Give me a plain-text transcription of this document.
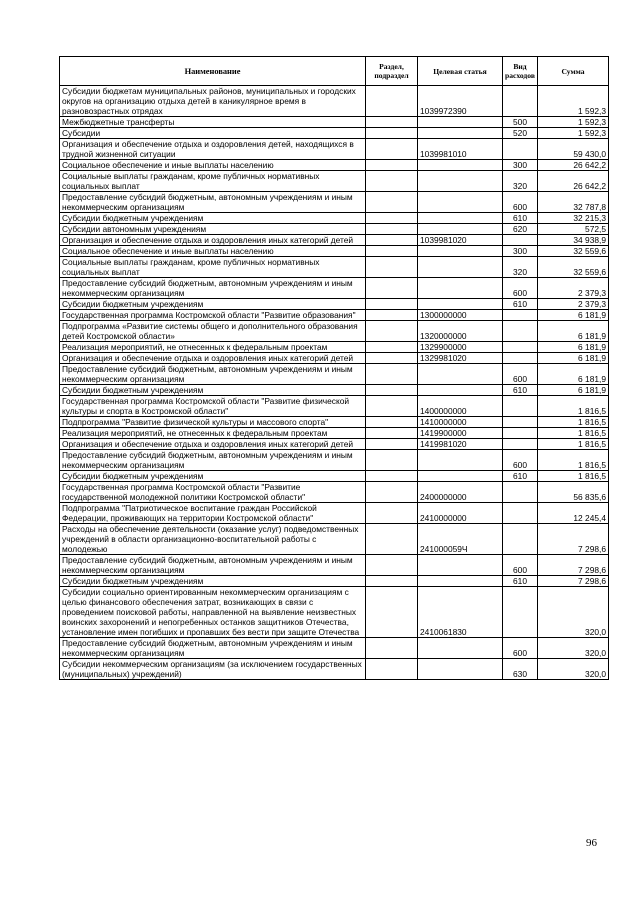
Наименование	Раздел, подраздел	Целевая статья	Вид расходов	Сумма
Субсидии бюджетам муниципальных районов, муниципальных и городских округов на организацию отдыха детей в каникулярное время в разновозрастных отрядах		1039972390		1 592,3
Межбюджетные трансферты			500	1 592,3
Субсидии			520	1 592,3
Организация и обеспечение отдыха и оздоровления детей, находящихся в трудной жизненной ситуации		1039981010		59 430,0
Социальное обеспечение и иные выплаты населению			300	26 642,2
Социальные выплаты гражданам, кроме публичных нормативных социальных выплат			320	26 642,2
Предоставление субсидий бюджетным, автономным учреждениям и иным некоммерческим организациям			600	32 787,8
Субсидии бюджетным учреждениям			610	32 215,3
Субсидии автономным учреждениям			620	572,5
Организация и обеспечение отдыха и оздоровления иных категорий детей		1039981020		34 938,9
Социальное обеспечение и иные выплаты населению			300	32 559,6
Социальные выплаты гражданам, кроме публичных нормативных социальных выплат			320	32 559,6
Предоставление субсидий бюджетным, автономным учреждениям и иным некоммерческим организациям			600	2 379,3
Субсидии бюджетным учреждениям			610	2 379,3
Государственная программа Костромской области "Развитие образования"		1300000000		6 181,9
Подпрограмма «Развитие системы общего и дополнительного образования детей Костромской области»		1320000000		6 181,9
Реализация мероприятий, не отнесенных к федеральным проектам		1329900000		6 181,9
Организация и обеспечение отдыха и оздоровления иных категорий детей		1329981020		6 181,9
Предоставление субсидий бюджетным, автономным учреждениям и иным некоммерческим организациям			600	6 181,9
Субсидии бюджетным учреждениям			610	6 181,9
Государственная программа Костромской области "Развитие физической культуры и спорта в Костромской области"		1400000000		1 816,5
Подпрограмма "Развитие физической культуры и массового спорта"		1410000000		1 816,5
Реализация мероприятий, не отнесенных к федеральным проектам		1419900000		1 816,5
Организация и обеспечение отдыха и оздоровления иных категорий детей		1419981020		1 816,5
Предоставление субсидий бюджетным, автономным учреждениям и иным некоммерческим организациям			600	1 816,5
Субсидии бюджетным учреждениям			610	1 816,5
Государственная программа Костромской области "Развитие государственной молодежной политики Костромской области"		2400000000		56 835,6
Подпрограмма "Патриотическое воспитание граждан Российской Федерации, проживающих на территории Костромской области"		2410000000		12 245,4
Расходы на обеспечение деятельности (оказание услуг) подведомственных учреждений в области организационно-воспитательной работы с молодежью		241000059Ч		7 298,6
Предоставление субсидий бюджетным, автономным учреждениям и иным некоммерческим организациям			600	7 298,6
Субсидии бюджетным учреждениям			610	7 298,6
Субсидии социально ориентированным некоммерческим организациям с целью финансового обеспечения затрат, возникающих в связи с проведением поисковой работы, направленной на выявление неизвестных воинских захоронений и непогребенных останков защитников Отечества, установление имен погибших и пропавших без вести при защите Отечества		2410061830		320,0
Предоставление субсидий бюджетным, автономным учреждениям и иным некоммерческим организациям			600	320,0
Субсидии некоммерческим организациям (за исключением государственных (муниципальных) учреждений)			630	320,0
96
